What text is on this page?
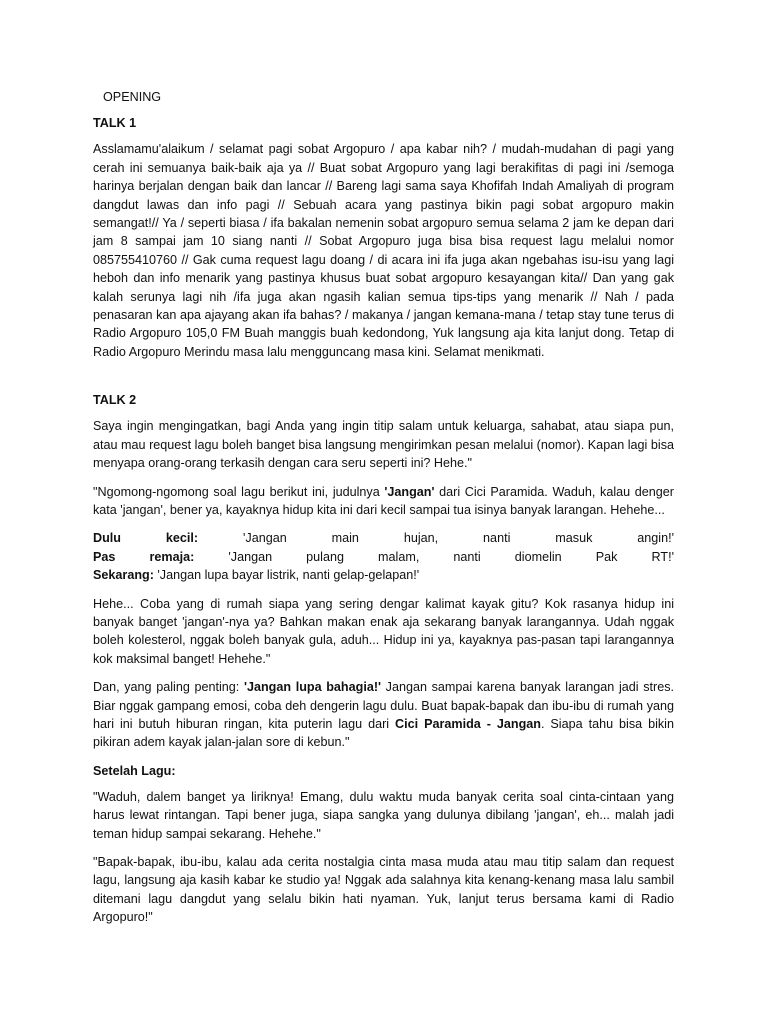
OPENING
TALK 1

Asslamamu'alaikum / selamat pagi sobat Argopuro / apa kabar nih? / mudah-mudahan di pagi yang cerah ini semuanya baik-baik aja ya // Buat sobat Argopuro yang lagi berakifitas di pagi ini /semoga harinya berjalan dengan baik dan lancar // Bareng lagi sama saya Khofifah Indah Amaliyah di program dangdut lawas dan info pagi // Sebuah acara yang pastinya bikin pagi sobat argopuro makin semangat!// Ya / seperti biasa / ifa bakalan nemenin sobat argopuro semua selama 2 jam ke depan dari jam 8 sampai jam 10 siang nanti // Sobat Argopuro juga bisa bisa request lagu melalui nomor 085755410760 // Gak cuma request lagu doang / di acara ini ifa juga akan ngebahas isu-isu yang lagi heboh dan info menarik yang pastinya khusus buat sobat argopuro kesayangan kita// Dan yang gak kalah serunya lagi nih /ifa juga akan ngasih kalian semua tips-tips yang menarik // Nah / pada penasaran kan apa ajayang akan ifa bahas? / makanya / jangan kemana-mana / tetap stay tune terus di Radio Argopuro 105,0 FM Buah manggis buah kedondong, Yuk langsung aja kita lanjut dong. Tetap di Radio Argopuro Merindu masa lalu mengguncang masa kini. Selamat menikmati.

TALK 2

Saya ingin mengingatkan, bagi Anda yang ingin titip salam untuk keluarga, sahabat, atau siapa pun, atau mau request lagu boleh banget bisa langsung mengirimkan pesan melalui (nomor). Kapan lagi bisa menyapa orang-orang terkasih dengan cara seru seperti ini? Hehe."

"Ngomong-ngomong soal lagu berikut ini, judulnya 'Jangan' dari Cici Paramida. Waduh, kalau denger kata 'jangan', bener ya, kayaknya hidup kita ini dari kecil sampai tua isinya banyak larangan. Hehehe...

Dulu kecil: 'Jangan main hujan, nanti masuk angin!'
Pas remaja: 'Jangan pulang malam, nanti diomelin Pak RT!'
Sekarang: 'Jangan lupa bayar listrik, nanti gelap-gelapan!'

Hehe... Coba yang di rumah siapa yang sering dengar kalimat kayak gitu? Kok rasanya hidup ini banyak banget 'jangan'-nya ya? Bahkan makan enak aja sekarang banyak larangannya. Udah nggak boleh kolesterol, nggak boleh banyak gula, aduh... Hidup ini ya, kayaknya pas-pasan tapi larangannya kok maksimal banget! Hehehe."

Dan, yang paling penting: 'Jangan lupa bahagia!' Jangan sampai karena banyak larangan jadi stres. Biar nggak gampang emosi, coba deh dengerin lagu dulu. Buat bapak-bapak dan ibu-ibu di rumah yang hari ini butuh hiburan ringan, kita puterin lagu dari Cici Paramida - Jangan. Siapa tahu bisa bikin pikiran adem kayak jalan-jalan sore di kebun."

Setelah Lagu:

"Waduh, dalem banget ya liriknya! Emang, dulu waktu muda banyak cerita soal cinta-cintaan yang harus lewat rintangan. Tapi bener juga, siapa sangka yang dulunya dibilang 'jangan', eh... malah jadi teman hidup sampai sekarang. Hehehe."

"Bapak-bapak, ibu-ibu, kalau ada cerita nostalgia cinta masa muda atau mau titip salam dan request lagu, langsung aja kasih kabar ke studio ya! Nggak ada salahnya kita kenang-kenang masa lalu sambil ditemani lagu dangdut yang selalu bikin hati nyaman. Yuk, lanjut terus bersama kami di Radio Argopuro!"
